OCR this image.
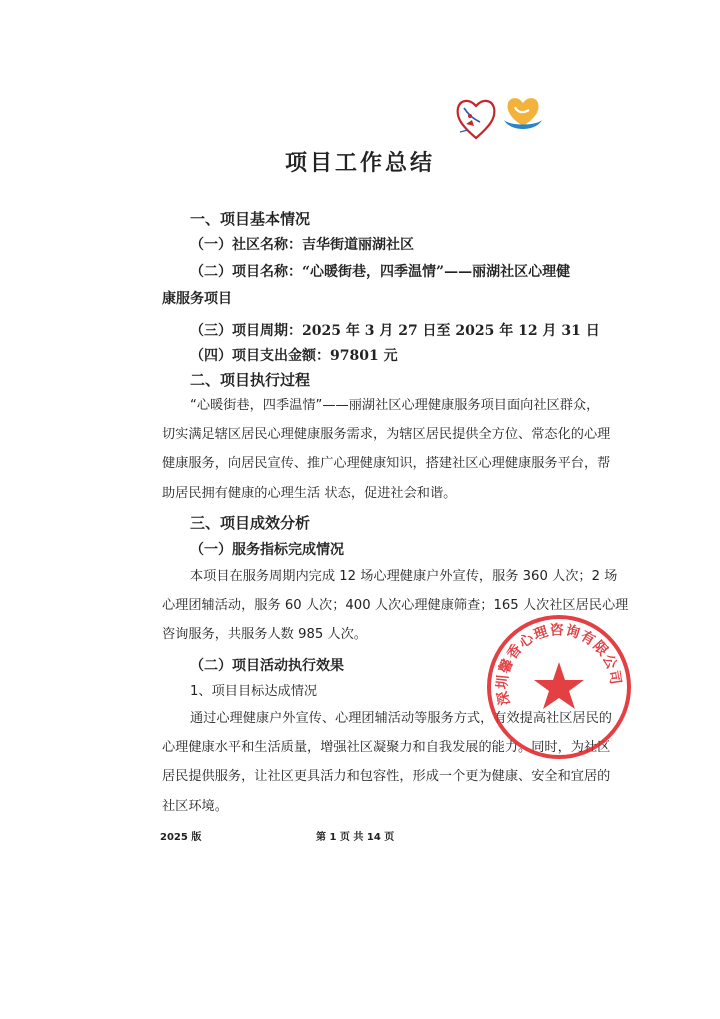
项目工作总结
一、项目基本情况
（一）社区名称：吉华街道丽湖社区
（二）项目名称：“心暖街巷，四季温情”——丽湖社区心理健
康服务项目
（三）项目周期：2025 年 3 月 27 日至 2025 年 12 月 31 日
（四）项目支出金额：97801 元
二、项目执行过程
“心暖街巷，四季温情”——丽湖社区心理健康服务项目面向社区群众，
切实满足辖区居民心理健康服务需求，为辖区居民提供全方位、常态化的心理
健康服务，向居民宣传、推广心理健康知识，搭建社区心理健康服务平台，帮
助居民拥有健康的心理生活 状态，促进社会和谐。
三、项目成效分析
（一）服务指标完成情况
本项目在服务周期内完成 12 场心理健康户外宣传，服务 360 人次；2 场
心理团辅活动，服务 60 人次；400 人次心理健康筛查；165 人次社区居民心理
咨询服务，共服务人数 985 人次。
（二）项目活动执行效果
1、项目目标达成情况
通过心理健康户外宣传、心理团辅活动等服务方式，有效提高社区居民的
心理健康水平和生活质量，增强社区凝聚力和自我发展的能力。同时，为社区
居民提供服务，让社区更具活力和包容性，形成一个更为健康、安全和宜居的
社区环境。
2025 版	第 1 页 共 14 页
深圳馨香心理咨询有限公司
